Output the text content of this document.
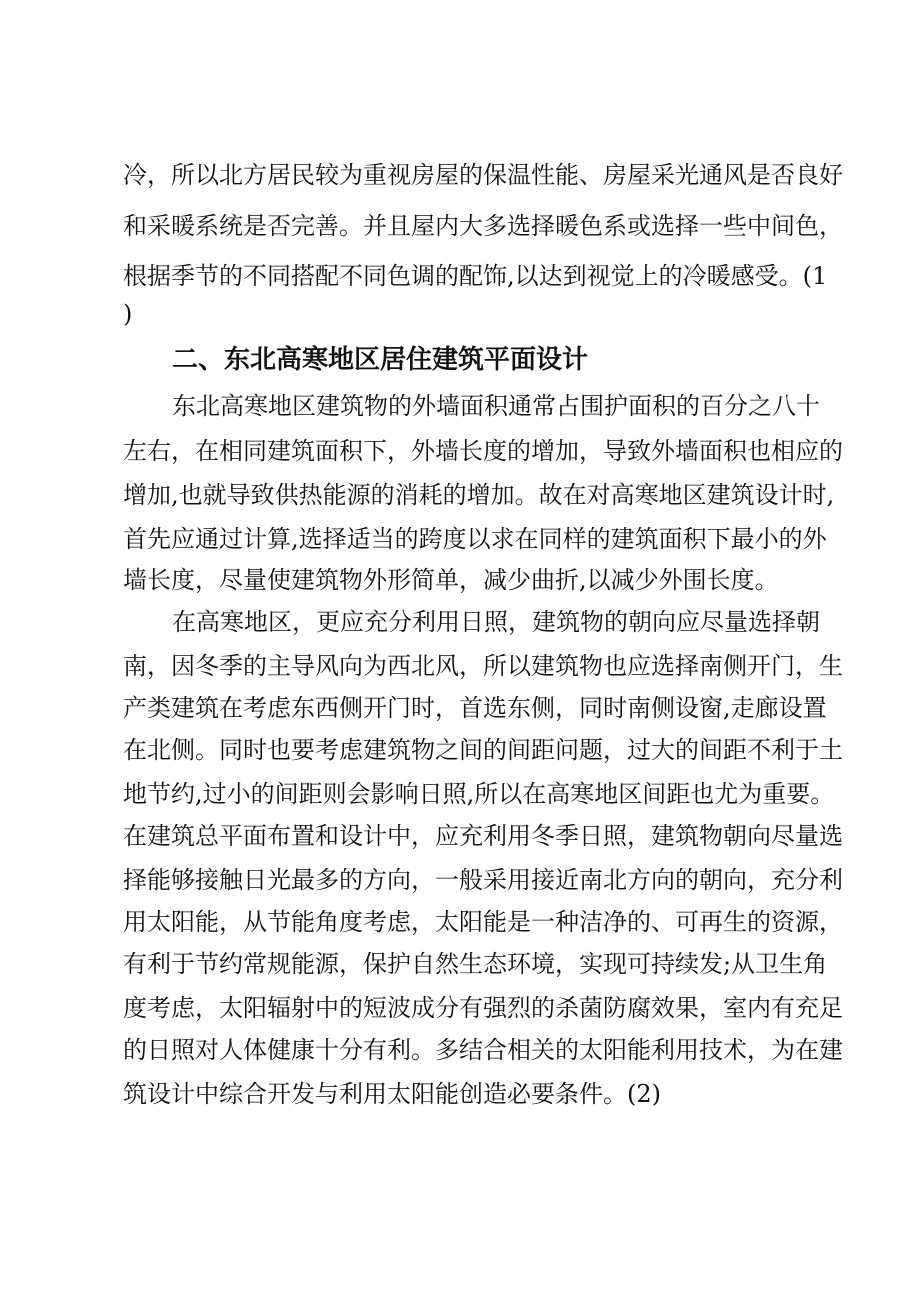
冷，所以北方居民较为重视房屋的保温性能、房屋采光通风是否良好
和采暖系统是否完善。并且屋内大多选择暖色系或选择一些中间色，
根据季节的不同搭配不同色调的配饰,以达到视觉上的冷暖感受。(1
)
二、东北高寒地区居住建筑平面设计
东北高寒地区建筑物的外墙面积通常占围护面积的百分之八十
左右，在相同建筑面积下，外墙长度的增加，导致外墙面积也相应的
增加,也就导致供热能源的消耗的增加。故在对高寒地区建筑设计时,
首先应通过计算,选择适当的跨度以求在同样的建筑面积下最小的外
墙长度，尽量使建筑物外形简单，减少曲折,以减少外围长度。
在高寒地区，更应充分利用日照，建筑物的朝向应尽量选择朝
南，因冬季的主导风向为西北风，所以建筑物也应选择南侧开门，生
产类建筑在考虑东西侧开门时，首选东侧，同时南侧设窗,走廊设置
在北侧。同时也要考虑建筑物之间的间距问题，过大的间距不利于土
地节约,过小的间距则会影响日照,所以在高寒地区间距也尤为重要。
在建筑总平面布置和设计中，应充利用冬季日照，建筑物朝向尽量选
择能够接触日光最多的方向，一般采用接近南北方向的朝向，充分利
用太阳能，从节能角度考虑，太阳能是一种洁净的、可再生的资源，
有利于节约常规能源，保护自然生态环境，实现可持续发;从卫生角
度考虑，太阳辐射中的短波成分有强烈的杀菌防腐效果，室内有充足
的日照对人体健康十分有利。多结合相关的太阳能利用技术，为在建
筑设计中综合开发与利用太阳能创造必要条件。(2)
